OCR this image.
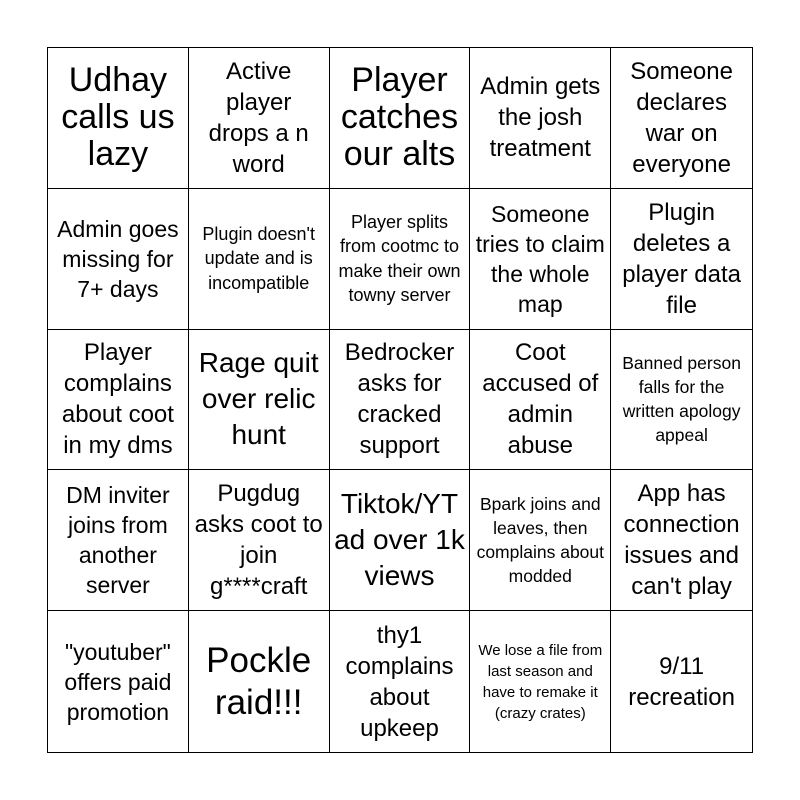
Udhay calls us lazy
Active player drops a n word
Player catches our alts
Admin gets the josh treatment
Someone declares war on everyone
Admin goes missing for 7+ days
Plugin doesn't update and is incompatible
Player splits from cootmc to make their own towny server
Someone tries to claim the whole map
Plugin deletes a player data file
Player complains about coot in my dms
Rage quit over relic hunt
Bedrocker asks for cracked support
Coot accused of admin abuse
Banned person falls for the written apology appeal
DM inviter joins from another server
Pugdug asks coot to join g****craft
Tiktok/YT ad over 1k views
Bpark joins and leaves, then complains about modded
App has connection issues and can't play
"youtuber" offers paid promotion
Pockle raid!!!
thy1 complains about upkeep
We lose a file from last season and have to remake it (crazy crates)
9/11 recreation
